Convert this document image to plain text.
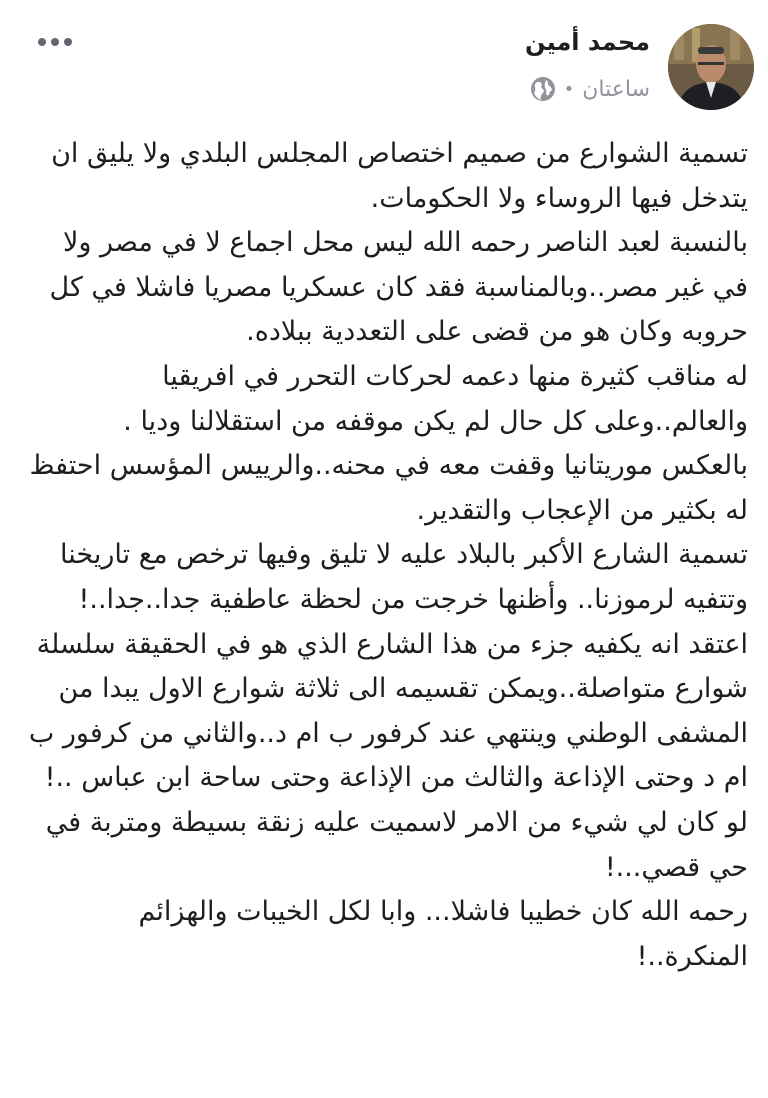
محمد أمين
ساعتان
•

تسمية الشوارع من صميم اختصاص المجلس البلدي ولا يليق ان يتدخل فيها الروساء ولا الحكومات.

بالنسبة لعبد الناصر رحمه الله ليس محل اجماع لا في مصر ولا في غير مصر..وبالمناسبة فقد كان عسكريا مصريا فاشلا في كل حروبه وكان هو من قضى على التعددية ببلاده.

له مناقب كثيرة منها دعمه لحركات التحرر في افريقيا والعالم..وعلى كل حال لم يكن موقفه من استقلالنا وديا .

بالعكس موريتانيا وقفت معه في محنه..والرييس المؤسس احتفظ له بكثير من الإعجاب والتقدير.

تسمية الشارع الأكبر بالبلاد عليه لا تليق وفيها ترخص مع تاريخنا وتتفيه لرموزنا.. وأظنها خرجت من لحظة عاطفية جدا..جدا..!

اعتقد انه يكفيه جزء من هذا الشارع الذي هو في الحقيقة سلسلة شوارع متواصلة..ويمكن تقسيمه الى ثلاثة شوارع الاول يبدا من المشفى الوطني وينتهي عند كرفور ب ام د..والثاني من كرفور ب ام د وحتى الإذاعة والثالث من الإذاعة وحتى ساحة ابن عباس ..!

لو كان لي شيء من الامر لاسميت عليه زنقة بسيطة ومتربة في حي قصي...!

رحمه الله كان خطيبا فاشلا... وابا لكل الخيبات والهزائم المنكرة..!
